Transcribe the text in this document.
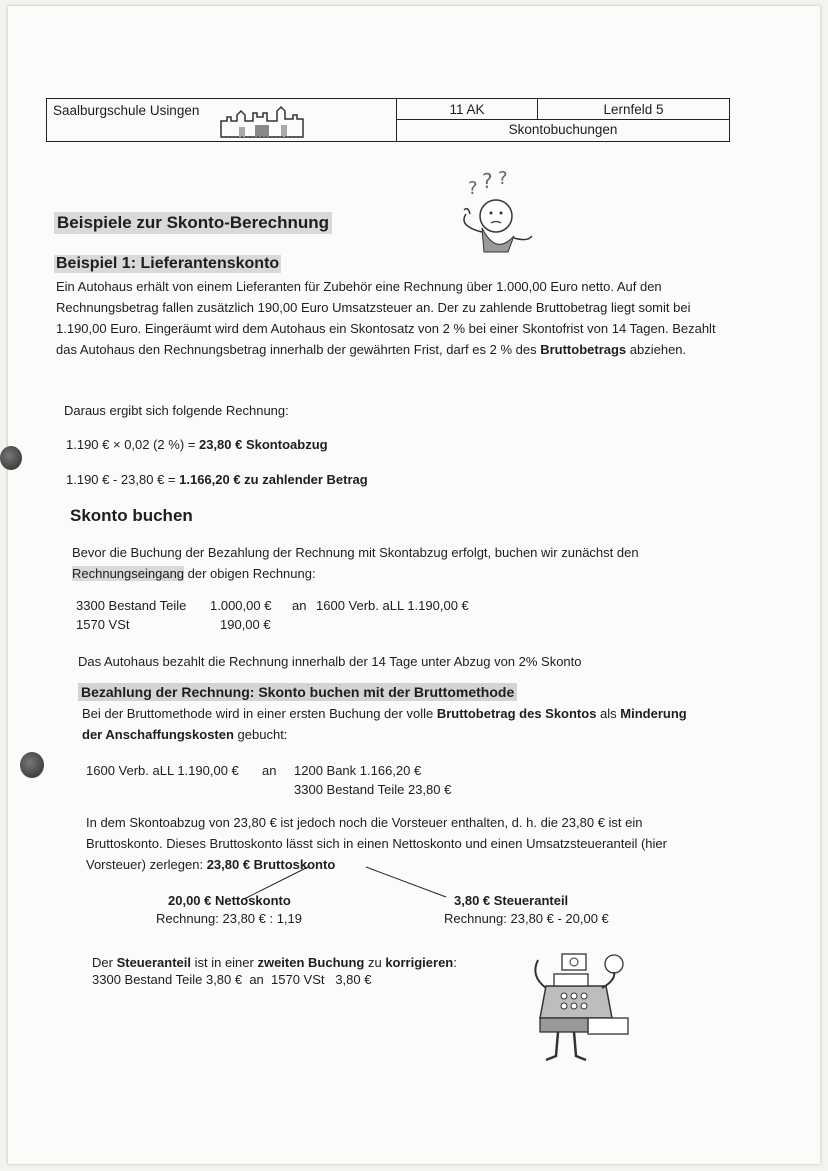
Saalburgschule Usingen	11 AK	Lernfeld 5
Skontobuchungen
? ? ?
Beispiele zur Skonto-Berechnung
Beispiel 1: Lieferantenskonto
Ein Autohaus erhält von einem Lieferanten für Zubehör eine Rechnung über 1.000,00 Euro netto. Auf den Rechnungsbetrag fallen zusätzlich 190,00 Euro Umsatzsteuer an. Der zu zahlende Bruttobetrag liegt somit bei 1.190,00 Euro. Eingeräumt wird dem Autohaus ein Skontosatz von 2 % bei einer Skontofrist von 14 Tagen. Bezahlt das Autohaus den Rechnungsbetrag innerhalb der gewährten Frist, darf es 2 % des Bruttobetrags abziehen.
Daraus ergibt sich folgende Rechnung:
1.190 € × 0,02 (2 %) = 23,80 € Skontoabzug
1.190 € - 23,80 € = 1.166,20 € zu zahlender Betrag
Skonto buchen
Bevor die Buchung der Bezahlung der Rechnung mit Skontabzug erfolgt, buchen wir zunächst den Rechnungseingang der obigen Rechnung:
3300 Bestand Teile 1.000,00 € an 1600 Verb. aLL 1.190,00 €
1570 VSt	190,00 €
Das Autohaus bezahlt die Rechnung innerhalb der 14 Tage unter Abzug von 2% Skonto
Bezahlung der Rechnung: Skonto buchen mit der Bruttomethode
Bei der Bruttomethode wird in einer ersten Buchung der volle Bruttobetrag des Skontos als Minderung der Anschaffungskosten gebucht:
1600 Verb. aLL 1.190,00 € an 1200 Bank 1.166,20 €
3300 Bestand Teile 23,80 €
In dem Skontoabzug von 23,80 € ist jedoch noch die Vorsteuer enthalten, d. h. die 23,80 € ist ein Bruttoskonto. Dieses Bruttoskonto lässt sich in einen Nettoskonto und einen Umsatzsteueranteil (hier Vorsteuer) zerlegen: 23,80 € Bruttoskonto
20,00 € Nettoskonto
Rechnung: 23,80 € : 1,19
3,80 € Steueranteil
Rechnung: 23,80 € - 20,00 €
Der Steueranteil ist in einer zweiten Buchung zu korrigieren:
3300 Bestand Teile 3,80 €  an  1570 VSt   3,80 €
